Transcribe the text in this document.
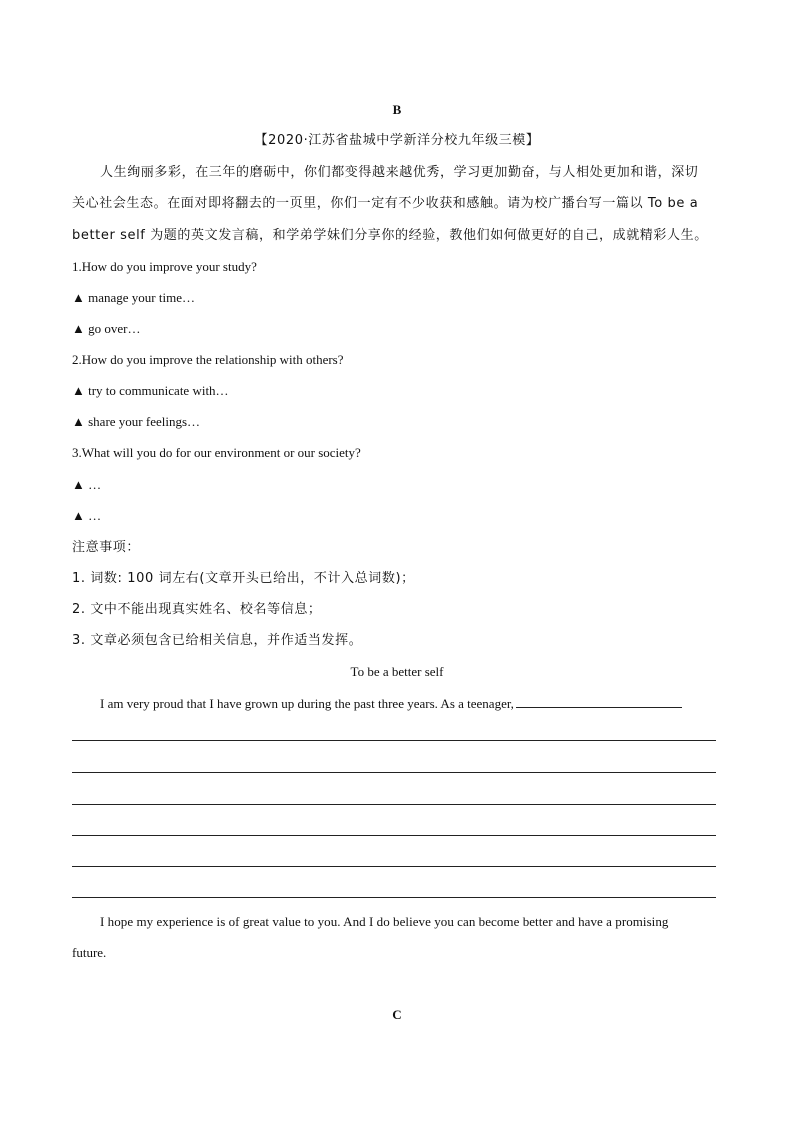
B
【2020·江苏省盐城中学新洋分校九年级三模】
人生绚丽多彩，在三年的磨砺中，你们都变得越来越优秀，学习更加勤奋，与人相处更加和谐，深切
关心社会生态。在面对即将翻去的一页里，你们一定有不少收获和感触。请为校广播台写一篇以 To be a
better self 为题的英文发言稿，和学弟学妹们分享你的经验，教他们如何做更好的自己，成就精彩人生。
1.How do you improve your study?
▲ manage your time…
▲ go over…
2.How do you improve the relationship with others?
▲ try to communicate with…
▲ share your feelings…
3.What will you do for our environment or our society?
▲ …
▲ …
注意事项：
1. 词数: 100 词左右(文章开头已给出，不计入总词数)；
2. 文中不能出现真实姓名、校名等信息；
3. 文章必须包含已给相关信息，并作适当发挥。
To be a better self
I am very proud that I have grown up during the past three years. As a teenager,
I hope my experience is of great value to you. And I do believe you can become better and have a promising
future.
C
